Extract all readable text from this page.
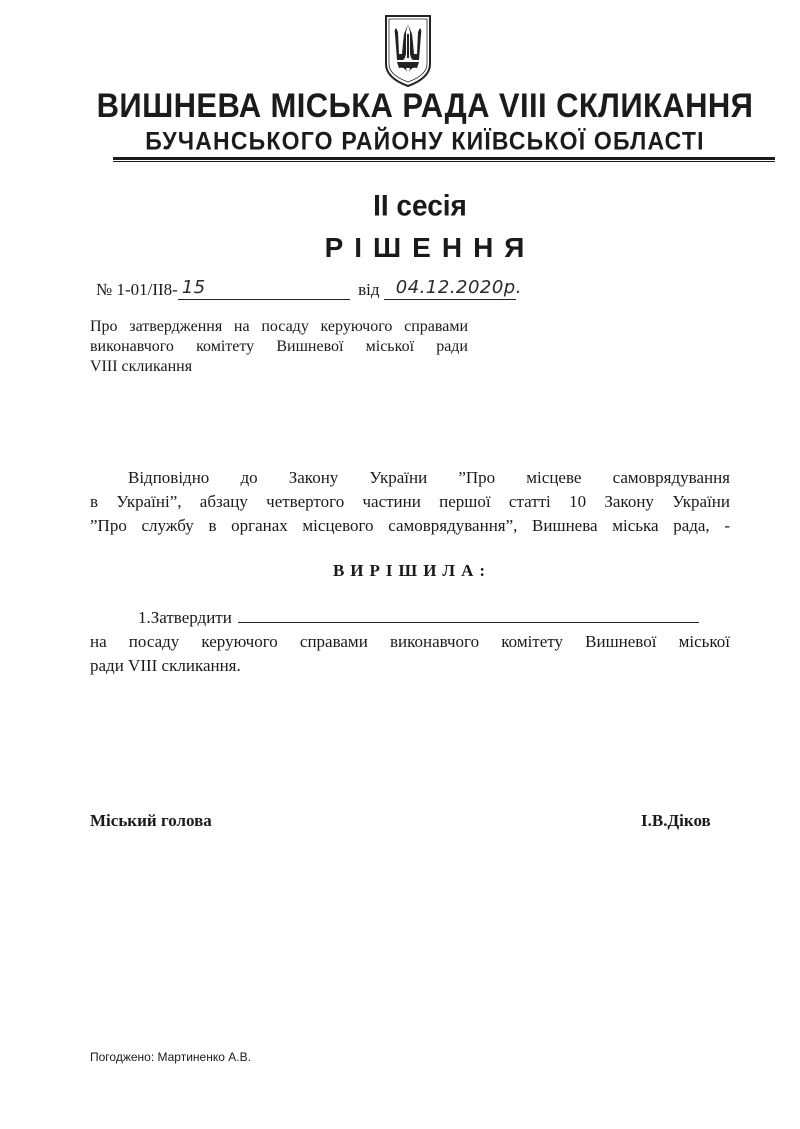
ВИШНЕВА МІСЬКА РАДА VIII СКЛИКАННЯ
БУЧАНСЬКОГО РАЙОНУ КИЇВСЬКОЇ ОБЛАСТІ
II сесія
РІШЕННЯ
№ 1-01/II8- 15	від 04.12.2020р.
Про затвердження на посаду керуючого справами
виконавчого комітету Вишневої міської ради
VIII скликання
Відповідно до Закону України ”Про місцеве самоврядування
в Україні”, абзацу четвертого частини першої статті 10 Закону України
”Про службу в органах місцевого самоврядування”, Вишнева міська рада, -
ВИРІШИЛА:
1.Затвердити
на посаду керуючого справами виконавчого комітету Вишневої міської
ради VIII скликання.
Міський голова	І.В.Діков
Погоджено: Мартиненко А.В.
